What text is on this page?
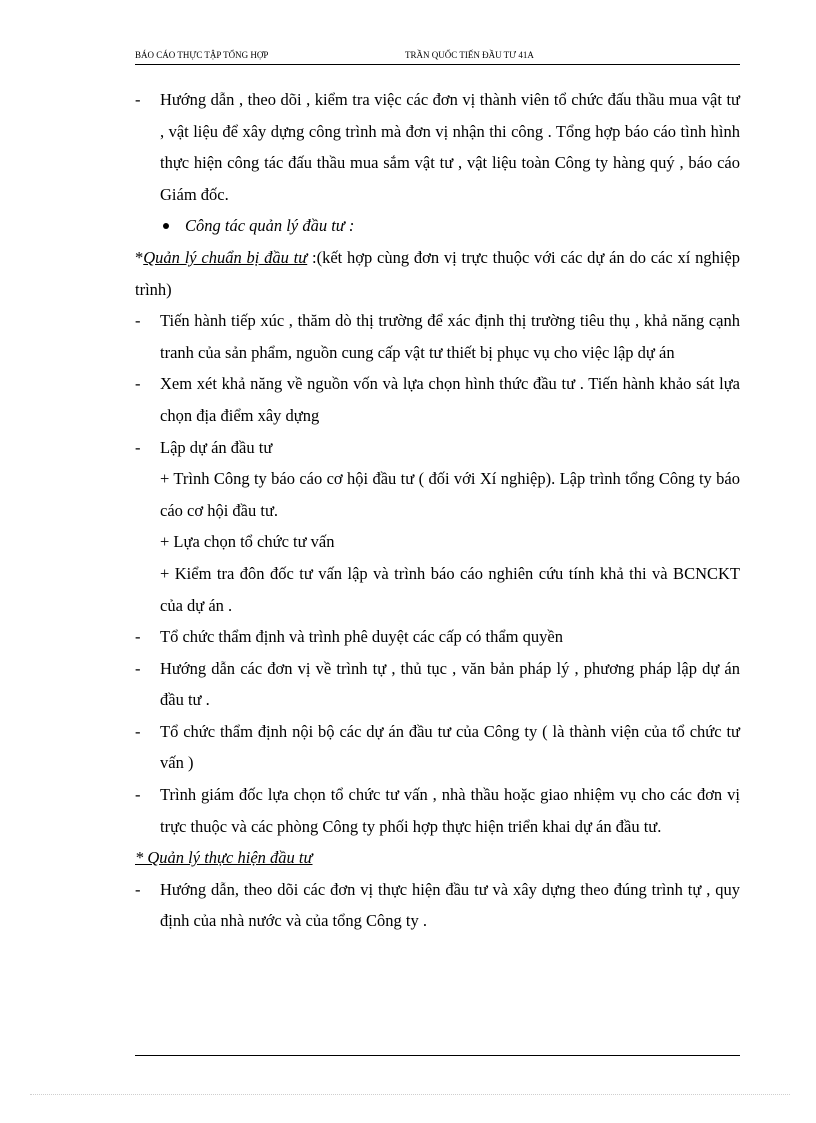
BÁO CÁO THỰC TẬP TỔNG HỢP	TRẦN QUỐC TIẾN ĐẦU TƯ 41A
- Hướng dẫn , theo dõi , kiểm tra việc các đơn vị thành viên tổ chức đấu thầu mua vật tư , vật liệu để xây dựng công trình mà đơn vị nhận thi công . Tổng hợp báo cáo tình hình thực hiện công tác đấu thầu mua sắm vật tư , vật liệu toàn Công ty hàng quý , báo cáo Giám đốc.
Công tác quản lý đầu tư :
*Quản lý chuẩn bị đầu tư :(kết hợp cùng đơn vị trực thuộc với các dự án do các xí nghiệp trình)
- Tiến hành tiếp xúc , thăm dò thị trường để xác định thị trường tiêu thụ , khả năng cạnh tranh của sản phẩm, nguồn cung cấp vật tư thiết bị phục vụ cho việc lập dự án
- Xem xét khả năng về nguồn vốn và lựa chọn hình thức đầu tư . Tiến hành khảo sát lựa chọn địa điểm xây dựng
- Lập dự án đầu tư
+ Trình Công ty báo cáo cơ hội đầu tư ( đối với Xí nghiệp). Lập trình tổng Công ty báo cáo cơ hội đầu tư.
+ Lựa chọn tổ chức tư vấn
+ Kiểm tra đôn đốc tư vấn lập và trình báo cáo nghiên cứu tính khả thi và BCNCKT của dự án .
- Tổ chức thẩm định và trình phê duyệt các cấp có thẩm quyền
- Hướng dẫn các đơn vị về trình tự , thủ tục , văn bản pháp lý , phương pháp lập dự án đầu tư .
- Tổ chức thẩm định nội bộ các dự án đầu tư của Công ty ( là thành viện của tổ chức tư vấn )
- Trình giám đốc lựa chọn tổ chức tư vấn , nhà thầu hoặc giao nhiệm vụ cho các đơn vị trực thuộc và các phòng Công ty phối hợp thực hiện triển khai dự án đầu tư.
* Quản lý thực hiện đầu tư
- Hướng dẫn, theo dõi các đơn vị thực hiện đầu tư và xây dựng theo đúng trình tự , quy định của nhà nước và của tổng Công ty .
